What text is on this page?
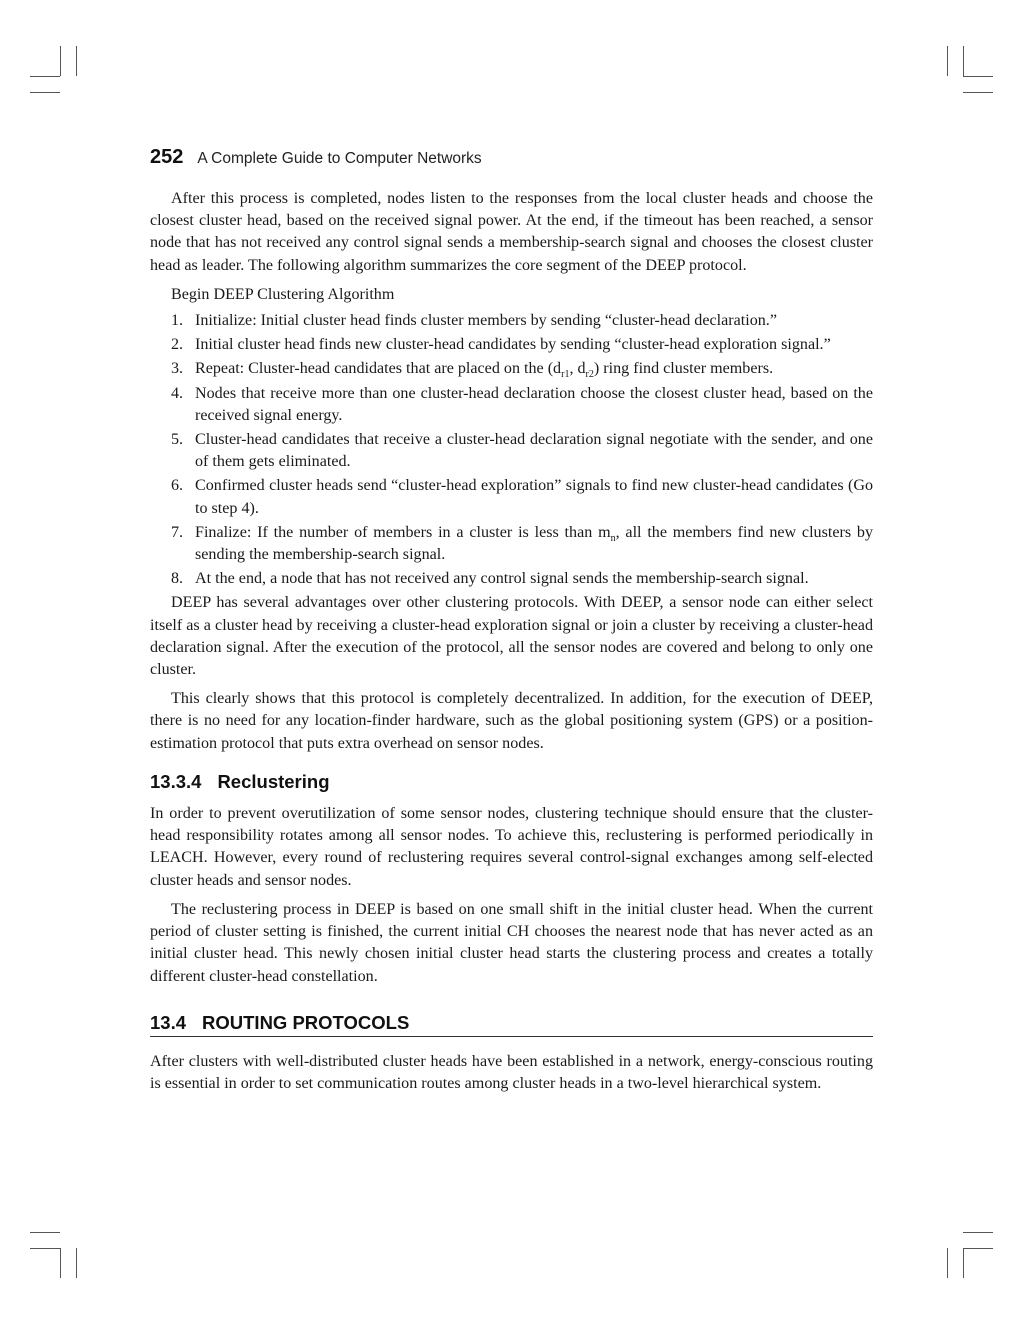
252 A Complete Guide to Computer Networks

After this process is completed, nodes listen to the responses from the local cluster heads and choose the closest cluster head, based on the received signal power. At the end, if the timeout has been reached, a sensor node that has not received any control signal sends a membership-search signal and chooses the closest cluster head as leader. The following algorithm summarizes the core segment of the DEEP protocol.

Begin DEEP Clustering Algorithm

1. Initialize: Initial cluster head finds cluster members by sending “cluster-head declaration.”
2. Initial cluster head finds new cluster-head candidates by sending “cluster-head exploration signal.”
3. Repeat: Cluster-head candidates that are placed on the ($d_{r1}$, $d_{r2}$) ring find cluster members.
4. Nodes that receive more than one cluster-head declaration choose the closest cluster head, based on the received signal energy.
5. Cluster-head candidates that receive a cluster-head declaration signal negotiate with the sender, and one of them gets eliminated.
6. Confirmed cluster heads send “cluster-head exploration” signals to find new cluster-head candidates (Go to step 4).
7. Finalize: If the number of members in a cluster is less than $m_n$, all the members find new clusters by sending the membership-search signal.
8. At the end, a node that has not received any control signal sends the membership-search signal.

DEEP has several advantages over other clustering protocols. With DEEP, a sensor node can either select itself as a cluster head by receiving a cluster-head exploration signal or join a cluster by receiving a cluster-head declaration signal. After the execution of the protocol, all the sensor nodes are covered and belong to only one cluster.

This clearly shows that this protocol is completely decentralized. In addition, for the execution of DEEP, there is no need for any location-finder hardware, such as the global positioning system (GPS) or a position-estimation protocol that puts extra overhead on sensor nodes.

13.3.4 Reclustering

In order to prevent overutilization of some sensor nodes, clustering technique should ensure that the cluster-head responsibility rotates among all sensor nodes. To achieve this, reclustering is performed periodically in LEACH. However, every round of reclustering requires several control-signal exchanges among self-elected cluster heads and sensor nodes.

The reclustering process in DEEP is based on one small shift in the initial cluster head. When the current period of cluster setting is finished, the current initial CH chooses the nearest node that has never acted as an initial cluster head. This newly chosen initial cluster head starts the clustering process and creates a totally different cluster-head constellation.

13.4 ROUTING PROTOCOLS

After clusters with well-distributed cluster heads have been established in a network, energy-conscious routing is essential in order to set communication routes among cluster heads in a two-level hierarchical system.
